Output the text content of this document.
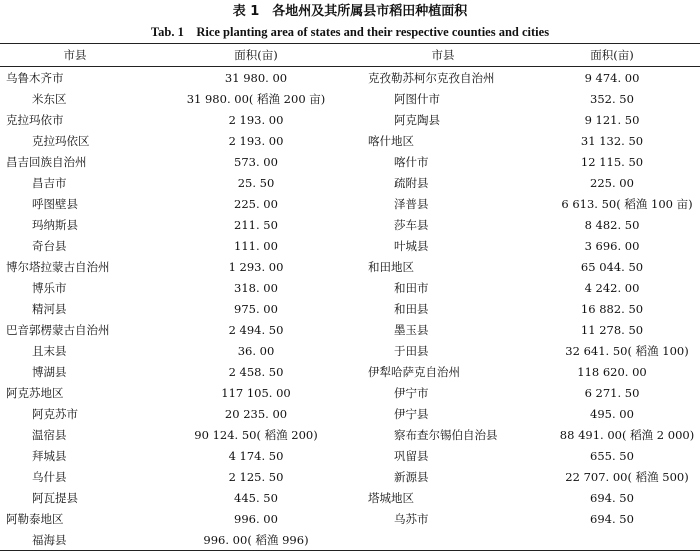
表 1　各地州及其所属县市稻田种植面积
Tab. 1　Rice planting area of states and their respective counties and cities
市县	面积(亩)	市县	面积(亩)
乌鲁木齐市	31 980. 00	克孜勒苏柯尔克孜自治州	9 474. 00
米东区	31 980. 00( 稻渔 200 亩)	阿图什市	352. 50
克拉玛依市	2 193. 00	阿克陶县	9 121. 50
克拉玛依区	2 193. 00	喀什地区	31 132. 50
昌吉回族自治州	573. 00	喀什市	12 115. 50
昌吉市	25. 50	疏附县	225. 00
呼图壁县	225. 00	泽普县	6 613. 50( 稻渔 100 亩)
玛纳斯县	211. 50	莎车县	8 482. 50
奇台县	111. 00	叶城县	3 696. 00
博尔塔拉蒙古自治州	1 293. 00	和田地区	65 044. 50
博乐市	318. 00	和田市	4 242. 00
精河县	975. 00	和田县	16 882. 50
巴音郭楞蒙古自治州	2 494. 50	墨玉县	11 278. 50
且末县	36. 00	于田县	32 641. 50( 稻渔 100)
博湖县	2 458. 50	伊犁哈萨克自治州	118 620. 00
阿克苏地区	117 105. 00	伊宁市	6 271. 50
阿克苏市	20 235. 00	伊宁县	495. 00
温宿县	90 124. 50( 稻渔 200)	察布查尔锡伯自治县	88 491. 00( 稻渔 2 000)
拜城县	4 174. 50	巩留县	655. 50
乌什县	2 125. 50	新源县	22 707. 00( 稻渔 500)
阿瓦提县	445. 50	塔城地区	694. 50
阿勒泰地区	996. 00	乌苏市	694. 50
福海县	996. 00( 稻渔 996)		
